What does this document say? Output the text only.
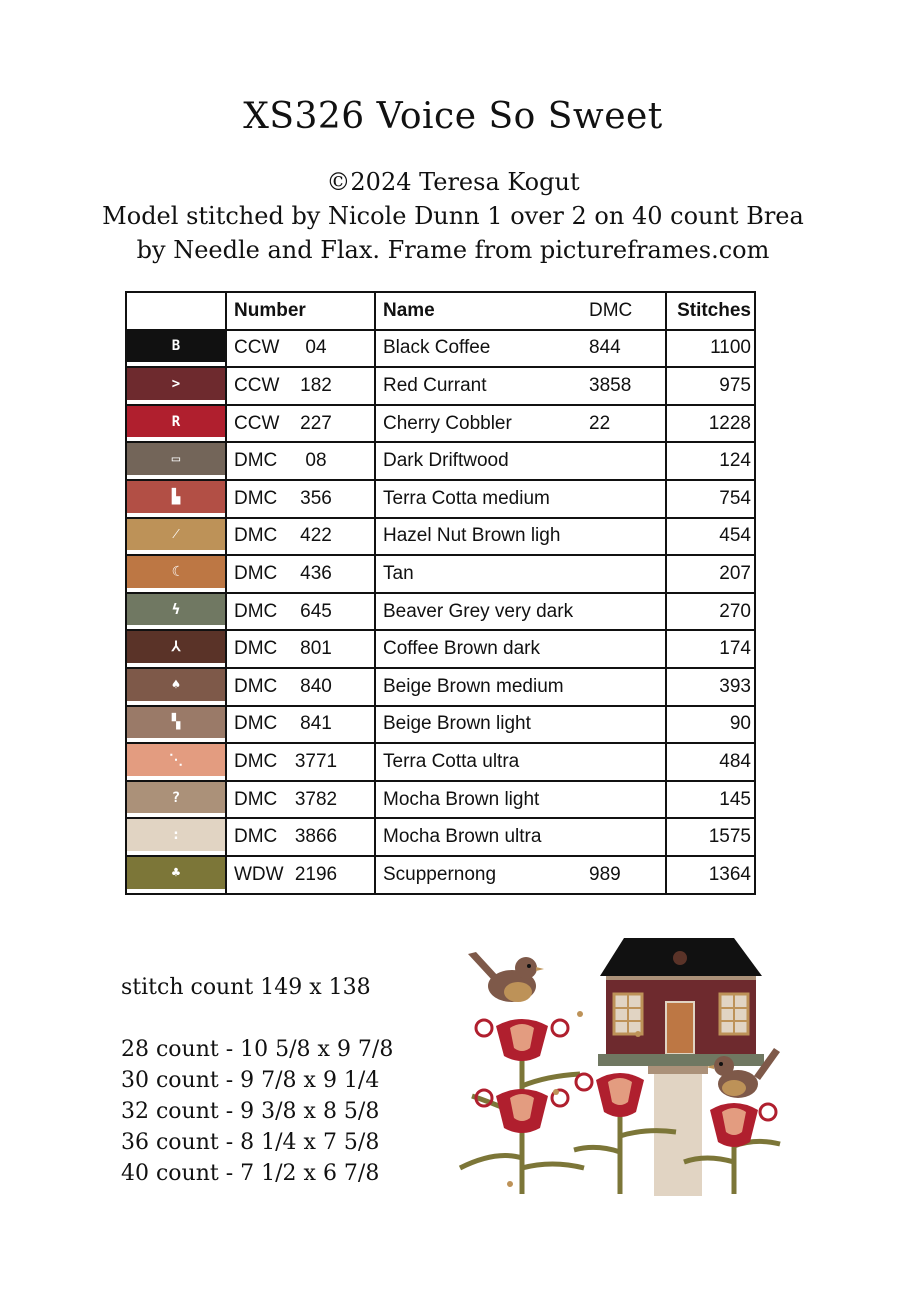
XS326 Voice So Sweet
©2024 Teresa Kogut
Model stitched by Nicole Dunn 1 over 2 on 40 count Brea
by Needle and Flax. Frame from pictureframes.com
	Number	Name	DMC	Stitches

B	CCW 04	Black Coffee	844	1100

>	CCW 182	Red Currant	3858	975

R	CCW 227	Cherry Cobbler	22	1228

▭	DMC 08	Dark Driftwood		124

▙	DMC 356	Terra Cotta medium		754

⁄	DMC 422	Hazel Nut Brown ligh		454

☾	DMC 436	Tan		207

ϟ	DMC 645	Beaver Grey very dark		270

⅄	DMC 801	Coffee Brown dark		174

♠	DMC 840	Beige Brown medium		393

▚	DMC 841	Beige Brown light		90

⋱	DMC 3771	Terra Cotta ultra		484

?	DMC 3782	Mocha Brown light		145

:	DMC 3866	Mocha Brown ultra		1575

♣	WDW 2196	Scuppernong	989	1364
stitch count 149 x 138
28 count - 10 5/8 x 9 7/8
30 count - 9 7/8 x 9 1/4
32 count - 9 3/8 x 8 5/8
36 count - 8 1/4 x 7 5/8
40 count - 7 1/2 x 6 7/8
